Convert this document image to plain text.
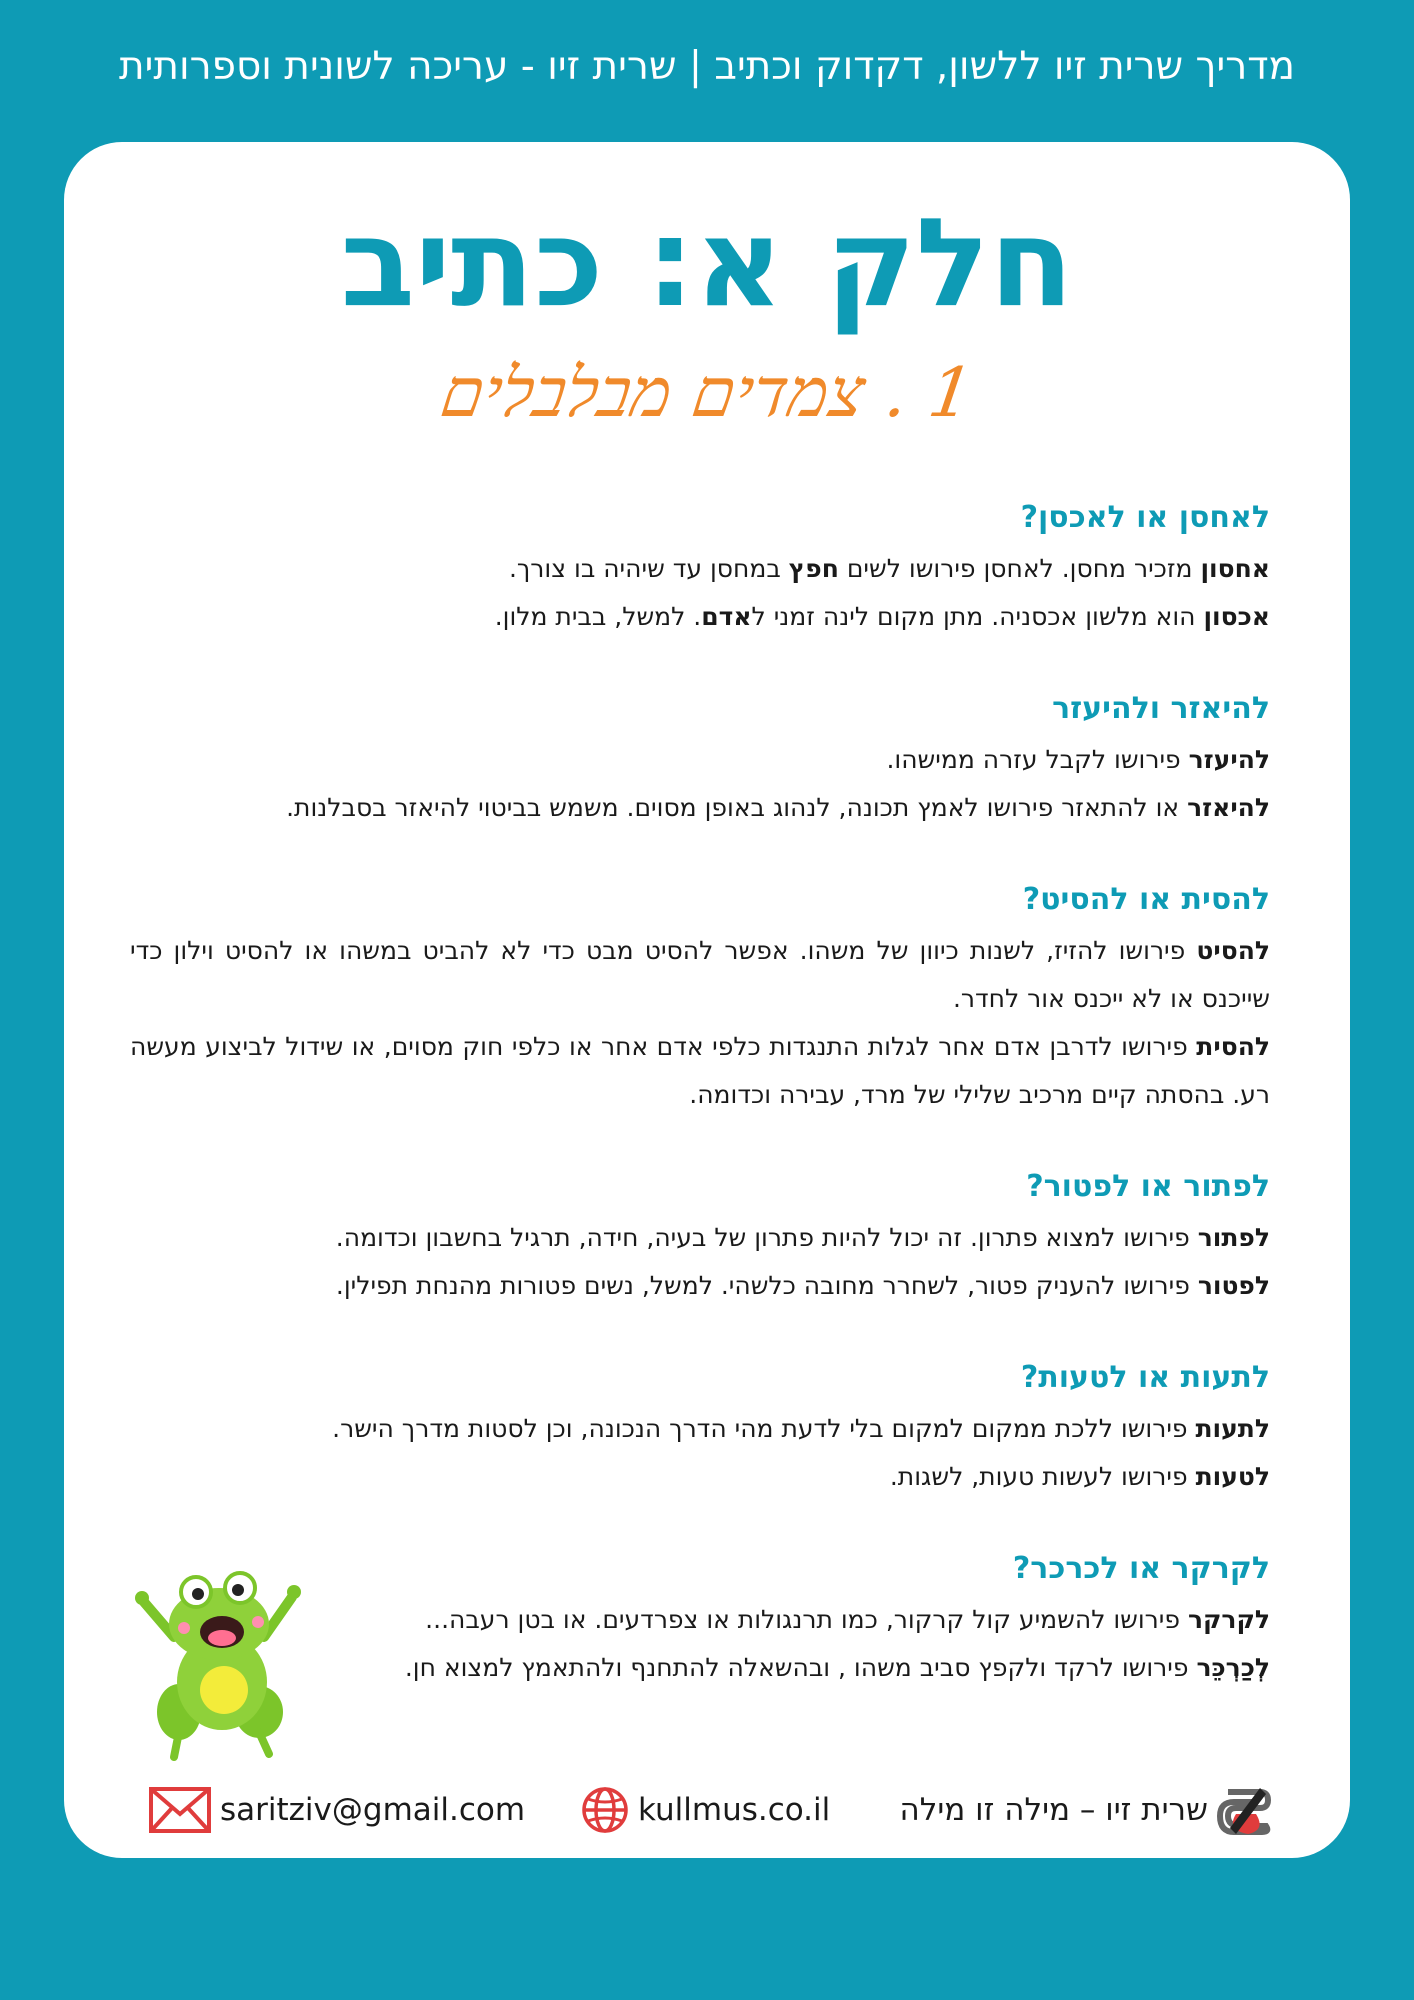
מדריך שרית זיו ללשון, דקדוק וכתיב | שרית זיו - עריכה לשונית וספרותית
חלק א: כתיב
1 . צמדים מבלבלים
לאחסן או לאכסן?

אחסון מזכיר מחסן. לאחסן פירושו לשים חפץ במחסן עד שיהיה בו צורך.

אכסון הוא מלשון אכסניה. מתן מקום לינה זמני לאדם. למשל, בבית מלון.

להיאזר ולהיעזר

להיעזר פירושו לקבל עזרה ממישהו.

להיאזר או להתאזר פירושו לאמץ תכונה, לנהוג באופן מסוים. משמש בביטוי להיאזר בסבלנות.

להסית או להסיט?

להסיט פירושו להזיז, לשנות כיוון של משהו. אפשר להסיט מבט כדי לא להביט במשהו או להסיט וילון כדי שייכנס או לא ייכנס אור לחדר.

להסית פירושו לדרבן אדם אחר לגלות התנגדות כלפי אדם אחר או כלפי חוק מסוים, או שידול לביצוע מעשה רע. בהסתה קיים מרכיב שלילי של מרד, עבירה וכדומה.

לפתור או לפטור?

לפתור פירושו למצוא פתרון. זה יכול להיות פתרון של בעיה, חידה, תרגיל בחשבון וכדומה.

לפטור פירושו להעניק פטור, לשחרר מחובה כלשהי. למשל, נשים פטורות מהנחת תפילין.

לתעות או לטעות?

לתעות פירושו ללכת ממקום למקום בלי לדעת מהי הדרך הנכונה, וכן לסטות מדרך הישר.

לטעות פירושו לעשות טעות, לשגות.

לקרקר או לכרכר?

לקרקר פירושו להשמיע קול קרקור, כמו תרנגולות או צפרדעים. או בטן רעבה...

לְכַרְכֵּר פירושו לרקד ולקפץ סביב משהו , ובהשאלה להתחנף ולהתאמץ למצוא חן.

saritziv@gmail.com	kullmus.co.il שרית זיו – מילה זו מילה
